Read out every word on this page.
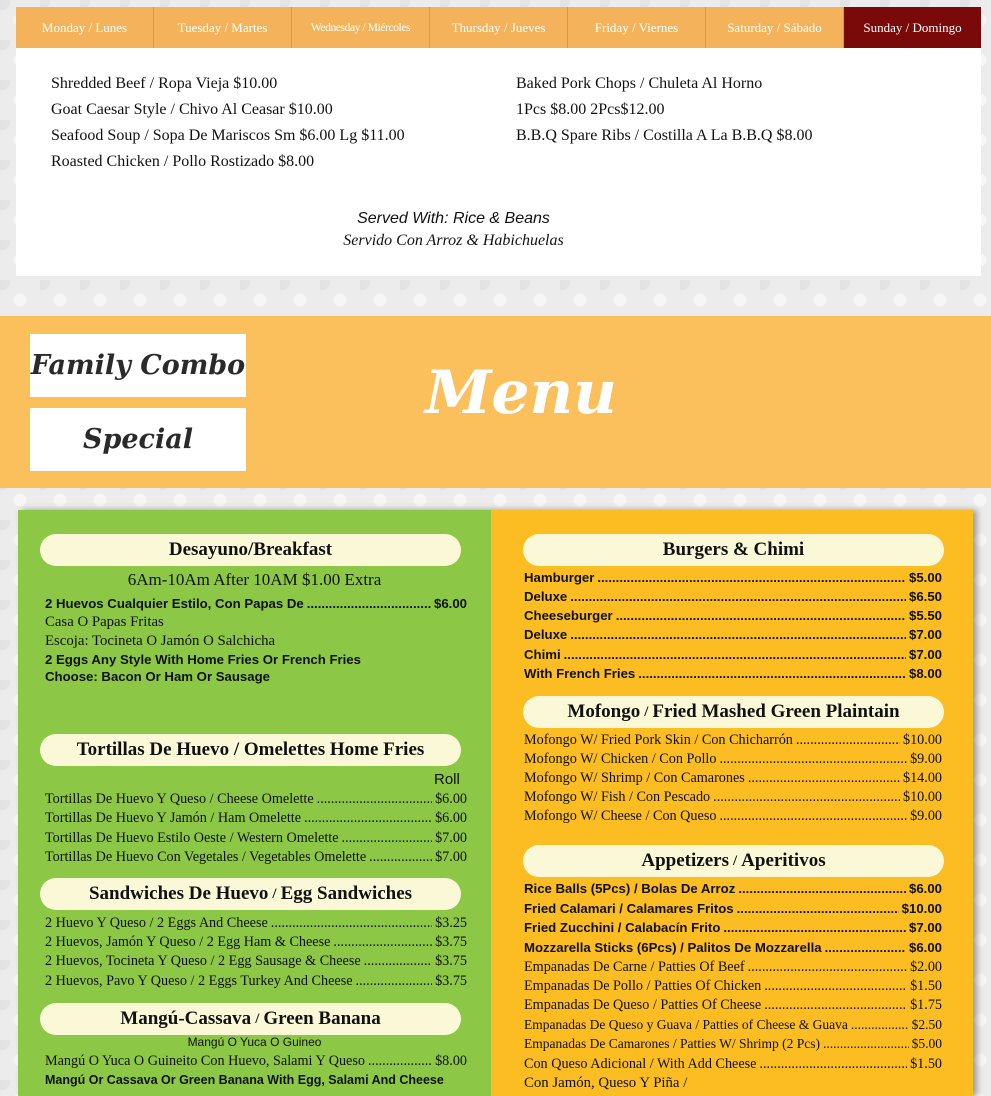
Monday / Lunes	Tuesday / Martes	Wednesday / Miércoles	Thursday / Jueves	Friday / Viernes	Saturday / Sábado	Sunday / Domingo
Shredded Beef / Ropa Vieja $10.00
Goat Caesar Style / Chivo Al Ceasar $10.00
Seafood Soup / Sopa De Mariscos Sm $6.00 Lg $11.00
Roasted Chicken / Pollo Rostizado $8.00
Baked Pork Chops / Chuleta Al Horno
1Pcs $8.00 2Pcs$12.00
B.B.Q Spare Ribs / Costilla A La B.B.Q $8.00
Served With: Rice & Beans
Servido Con Arroz & Habichuelas
Family Combo
Special
Menu
Desayuno/Breakfast
6Am-10Am After 10AM $1.00 Extra
2 Huevos Cualquier Estilo, Con Papas De .....	$6.00
Casa O Papas Fritas
Escoja: Tocineta O Jamón O Salchicha
2 Eggs Any Style With Home Fries Or French Fries
Choose: Bacon Or Ham Or Sausage
Tortillas De Huevo / Omelettes Home Fries
Roll
Tortillas De Huevo Y Queso / Cheese Omelette .....	$6.00
Tortillas De Huevo Y Jamón / Ham Omelette .....	$6.00
Tortillas De Huevo Estilo Oeste / Western Omelette .....	$7.00
Tortillas De Huevo Con Vegetales / Vegetables Omelette .....	$7.00
Sandwiches De Huevo / Egg Sandwiches
2 Huevo Y Queso / 2 Eggs And Cheese .....	$3.25
2 Huevos, Jamón Y Queso / 2 Egg Ham & Cheese .....	$3.75
2 Huevos, Tocineta Y Queso / 2 Egg Sausage & Cheese .....	$3.75
2 Huevos, Pavo Y Queso / 2 Eggs Turkey And Cheese .....	$3.75
Mangú-Cassava / Green Banana
Mangú O Yuca O Guineo
Mangú O Yuca O Guineito Con Huevo, Salami Y Queso .....	$8.00
Mangú Or Cassava Or Green Banana With Egg, Salami And Cheese
Burgers & Chimi
Hamburger .....	$5.00
Deluxe .....	$6.50
Cheeseburger .....	$5.50
Deluxe .....	$7.00
Chimi .....	$7.00
With French Fries .....	$8.00
Mofongo / Fried Mashed Green Plaintain
Mofongo W/ Fried Pork Skin / Con Chicharrón .....	$10.00
Mofongo W/ Chicken / Con Pollo .....	$9.00
Mofongo W/ Shrimp / Con Camarones .....	$14.00
Mofongo W/ Fish / Con Pescado .....	$10.00
Mofongo W/ Cheese / Con Queso .....	$9.00
Appetizers / Aperitivos
Rice Balls (5Pcs) / Bolas De Arroz .....	$6.00
Fried Calamari / Calamares Fritos .....	$10.00
Fried Zucchini / Calabacín Frito .....	$7.00
Mozzarella Sticks (6Pcs) / Palitos De Mozzarella .....	$6.00
Empanadas De Carne / Patties Of Beef .....	$2.00
Empanadas De Pollo / Patties Of Chicken .....	$1.50
Empanadas De Queso / Patties Of Cheese .....	$1.75
Empanadas De Queso y Guava / Patties of Cheese & Guava .....	$2.50
Empanadas De Camarones / Patties W/ Shrimp (2 Pcs) .....	$5.00
Con Queso Adicional / With Add Cheese .....	$1.50
Con Jamón, Queso Y Piña /
